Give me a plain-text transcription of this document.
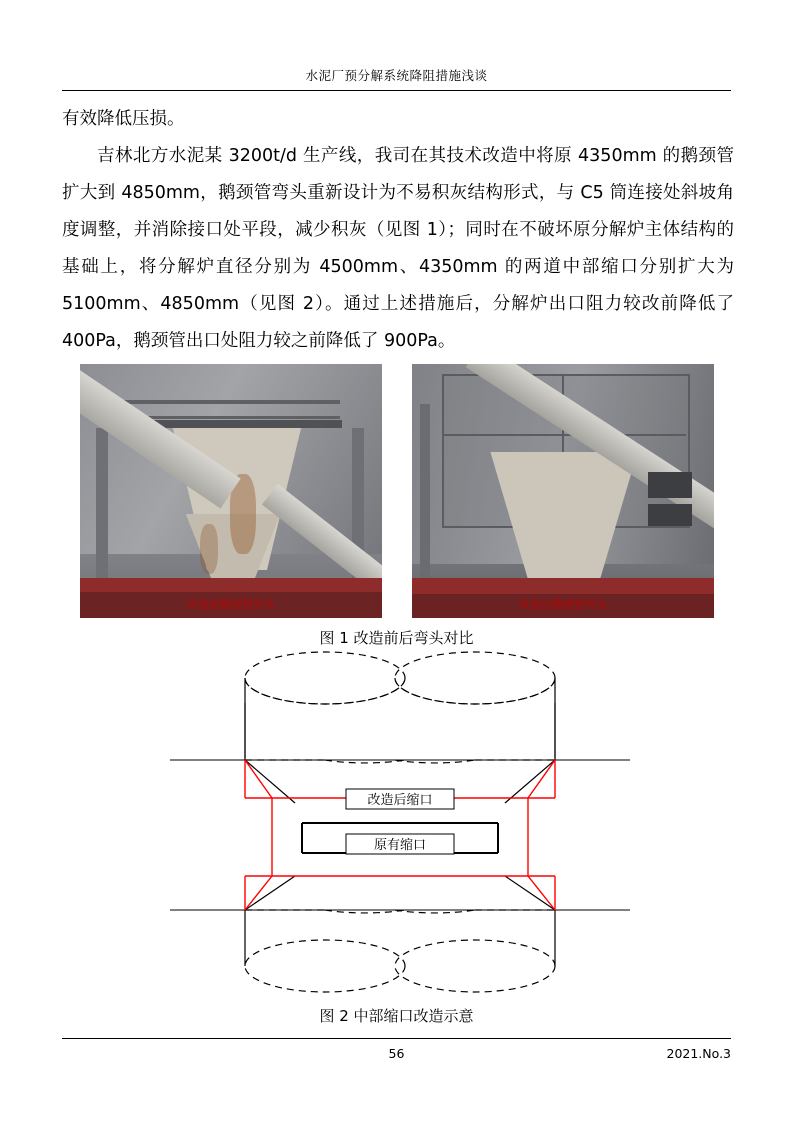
水泥厂预分解系统降阻措施浅谈

有效降低压损。

吉林北方水泥某 3200t/d 生产线，我司在其技术改造中将原 4350mm 的鹅颈管扩大到 4850mm，鹅颈管弯头重新设计为不易积灰结构形式，与 C5 筒连接处斜坡角度调整，并消除接口处平段，减少积灰（见图 1）；同时在不破坏原分解炉主体结构的基础上，将分解炉直径分别为 4500mm、4350mm 的两道中部缩口分别扩大为 5100mm、4850mm（见图 2）。通过上述措施后，分解炉出口阻力较改前降低了 400Pa，鹅颈管出口处阻力较之前降低了 900Pa。

改造前鹅颈管弯头	改造后鹅颈管弯头
图 1 改造前后弯头对比
改造后缩口
原有缩口
图 2 中部缩口改造示意
56	2021.No.3
